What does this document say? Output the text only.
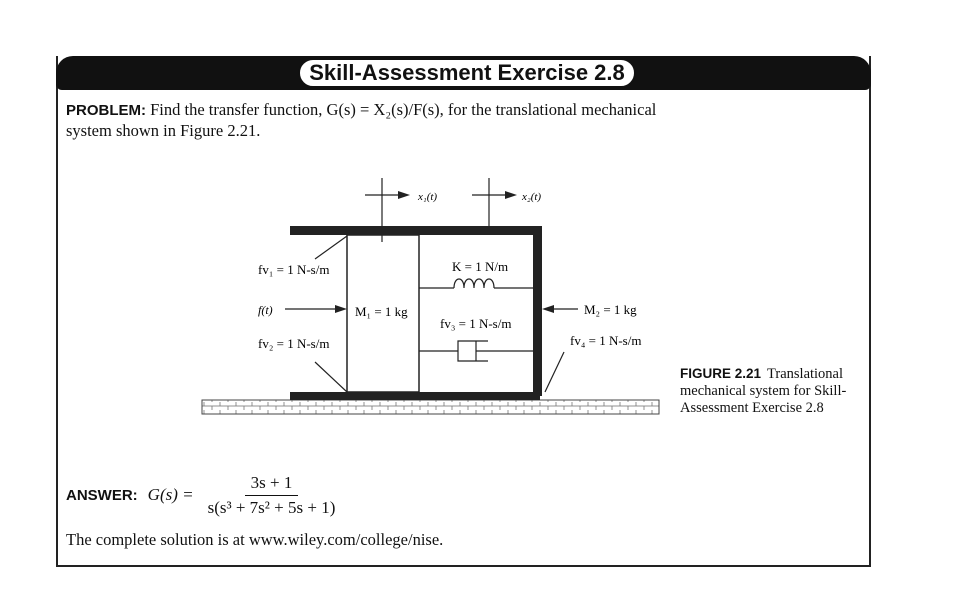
Skill-Assessment Exercise 2.8
PROBLEM: Find the transfer function, G(s) = X₂(s)/F(s), for the translational mechanical system shown in Figure 2.21.
x₁(t)	x₂(t)
fv₁ = 1 N-s/m
f(t)	M₁ = 1 kg
fv₂ = 1 N-s/m
K = 1 N/m
fv₃ = 1 N-s/m
M₂ = 1 kg
fv₄ = 1 N-s/m
FIGURE 2.21 Translational mechanical system for Skill-Assessment Exercise 2.8
ANSWER: $G(s) = \frac{3s + 1}{\text{s(s³ + 7s² + 5s + 1)}}$
The complete solution is at www.wiley.com/college/nise.
